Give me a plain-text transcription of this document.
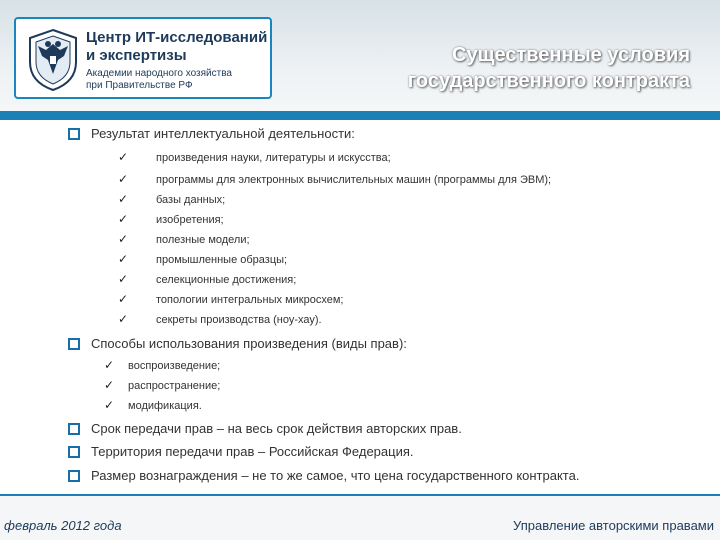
Центр ИТ-исследований
и экспертизы
Академии народного хозяйства
при Правительстве РФ
Существенные условия
государственного контракта
Результат интеллектуальной деятельности:
✓	произведения науки, литературы и искусства;
✓	программы для электронных вычислительных машин (программы для ЭВМ);
✓	базы данных;
✓	изобретения;
✓	полезные модели;
✓	промышленные образцы;
✓	селекционные достижения;
✓	топологии интегральных микросхем;
✓	секреты производства (ноу-хау).
Способы использования произведения (виды прав):
✓ воспроизведение;
✓ распространение;
✓ модификация.
Срок передачи прав – на весь срок действия авторских прав.
Территория передачи прав – Российская Федерация.
Размер вознаграждения – не то же самое, что цена государственного контракта.
февраль 2012 года	Управление авторскими правами
